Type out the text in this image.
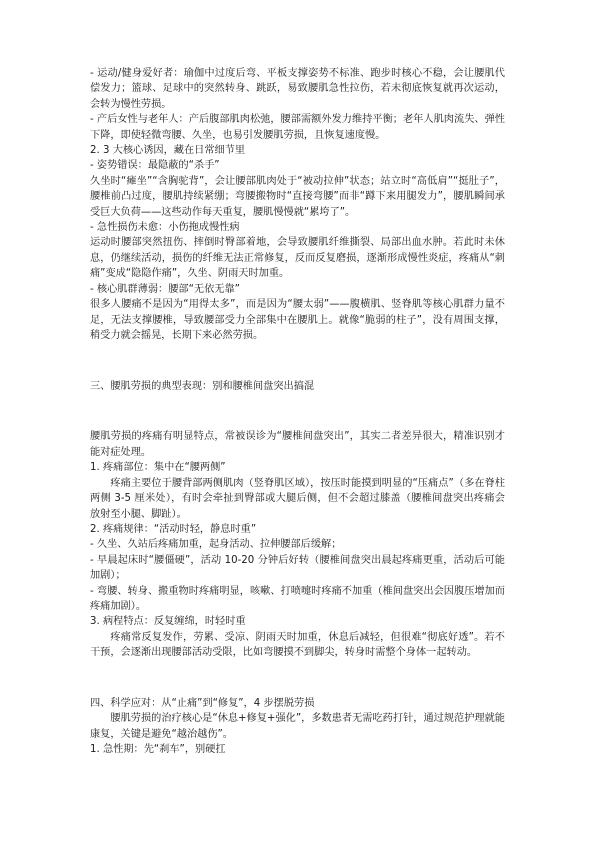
- 运动/健身爱好者：瑜伽中过度后弯、平板支撑姿势不标准、跑步时核心不稳，会让腰肌代偿发力；篮球、足球中的突然转身、跳跃，易致腰肌急性拉伤，若未彻底恢复就再次运动，会转为慢性劳损。

- 产后女性与老年人：产后腹部肌肉松弛，腰部需额外发力维持平衡；老年人肌肉流失、弹性下降，即使轻微弯腰、久坐，也易引发腰肌劳损，且恢复速度慢。

2. 3 大核心诱因，藏在日常细节里

- 姿势错误：最隐蔽的“杀手”

久坐时“瘫坐”“含胸驼背”，会让腰部肌肉处于“被动拉伸”状态；站立时“高低肩”“挺肚子”，腰椎前凸过度，腰肌持续紧绷；弯腰搬物时“直接弯腰”而非“蹲下来用腿发力”，腰肌瞬间承受巨大负荷——这些动作每天重复，腰肌慢慢就“累垮了”。

- 急性损伤未愈：小伤拖成慢性病

运动时腰部突然扭伤、摔倒时臀部着地，会导致腰肌纤维撕裂、局部出血水肿。若此时未休息，仍继续活动，损伤的纤维无法正常修复，反而反复磨损，逐渐形成慢性炎症，疼痛从“刺痛”变成“隐隐作痛”，久坐、阴雨天时加重。

- 核心肌群薄弱：腰部“无依无靠”

很多人腰痛不是因为“用得太多”，而是因为“腰太弱”——腹横肌、竖脊肌等核心肌群力量不足，无法支撑腰椎，导致腰部受力全部集中在腰肌上。就像“脆弱的柱子”，没有周围支撑，稍受力就会摇晃，长期下来必然劳损。

三、腰肌劳损的典型表现：别和腰椎间盘突出搞混

腰肌劳损的疼痛有明显特点，常被误诊为“腰椎间盘突出”，其实二者差异很大，精准识别才能对症处理。

1. 疼痛部位：集中在“腰两侧”

疼痛主要位于腰背部两侧肌肉（竖脊肌区域），按压时能摸到明显的“压痛点”（多在脊柱两侧 3-5 厘米处），有时会牵扯到臀部或大腿后侧，但不会超过膝盖（腰椎间盘突出疼痛会放射至小腿、脚趾）。

2. 疼痛规律：“活动时轻，静息时重”

- 久坐、久站后疼痛加重，起身活动、拉伸腰部后缓解；

- 早晨起床时“腰僵硬”，活动 10-20 分钟后好转（腰椎间盘突出晨起疼痛更重，活动后可能加剧）；

- 弯腰、转身、搬重物时疼痛明显，咳嗽、打喷嚏时疼痛不加重（椎间盘突出会因腹压增加而疼痛加剧）。

3. 病程特点：反复缠绵，时轻时重

疼痛常反复发作，劳累、受凉、阴雨天时加重，休息后减轻，但很难“彻底好透”。若不干预，会逐渐出现腰部活动受限，比如弯腰摸不到脚尖，转身时需整个身体一起转动。

四、科学应对：从“止痛”到“修复”，4 步摆脱劳损

腰肌劳损的治疗核心是“休息+修复+强化”，多数患者无需吃药打针，通过规范护理就能康复，关键是避免“越治越伤”。

1. 急性期：先“刹车”，别硬扛
